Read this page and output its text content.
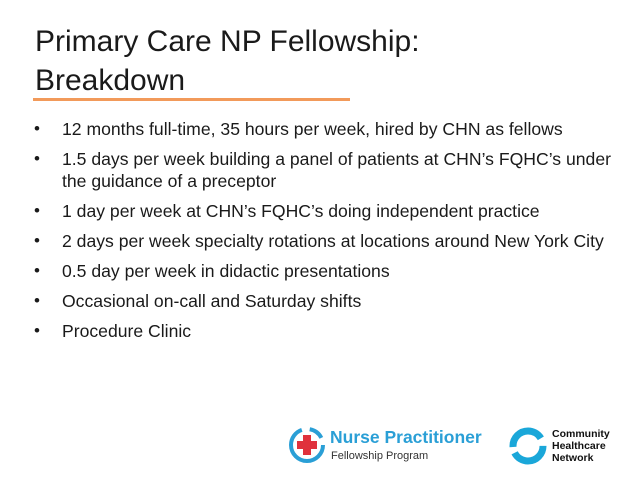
Primary Care NP Fellowship:
Breakdown
•	12 months full-time, 35 hours per week, hired by CHN as fellows
•	1.5 days per week building a panel of patients at CHN’s FQHC’s under the guidance of a preceptor
•	1 day per week at CHN’s FQHC’s doing independent practice
•	2 days per week specialty rotations at locations around New York City
•	0.5 day per week in didactic presentations
•	Occasional on-call and Saturday shifts
•	Procedure Clinic
Nurse Practitioner
Fellowship Program
Community
Healthcare
Network
